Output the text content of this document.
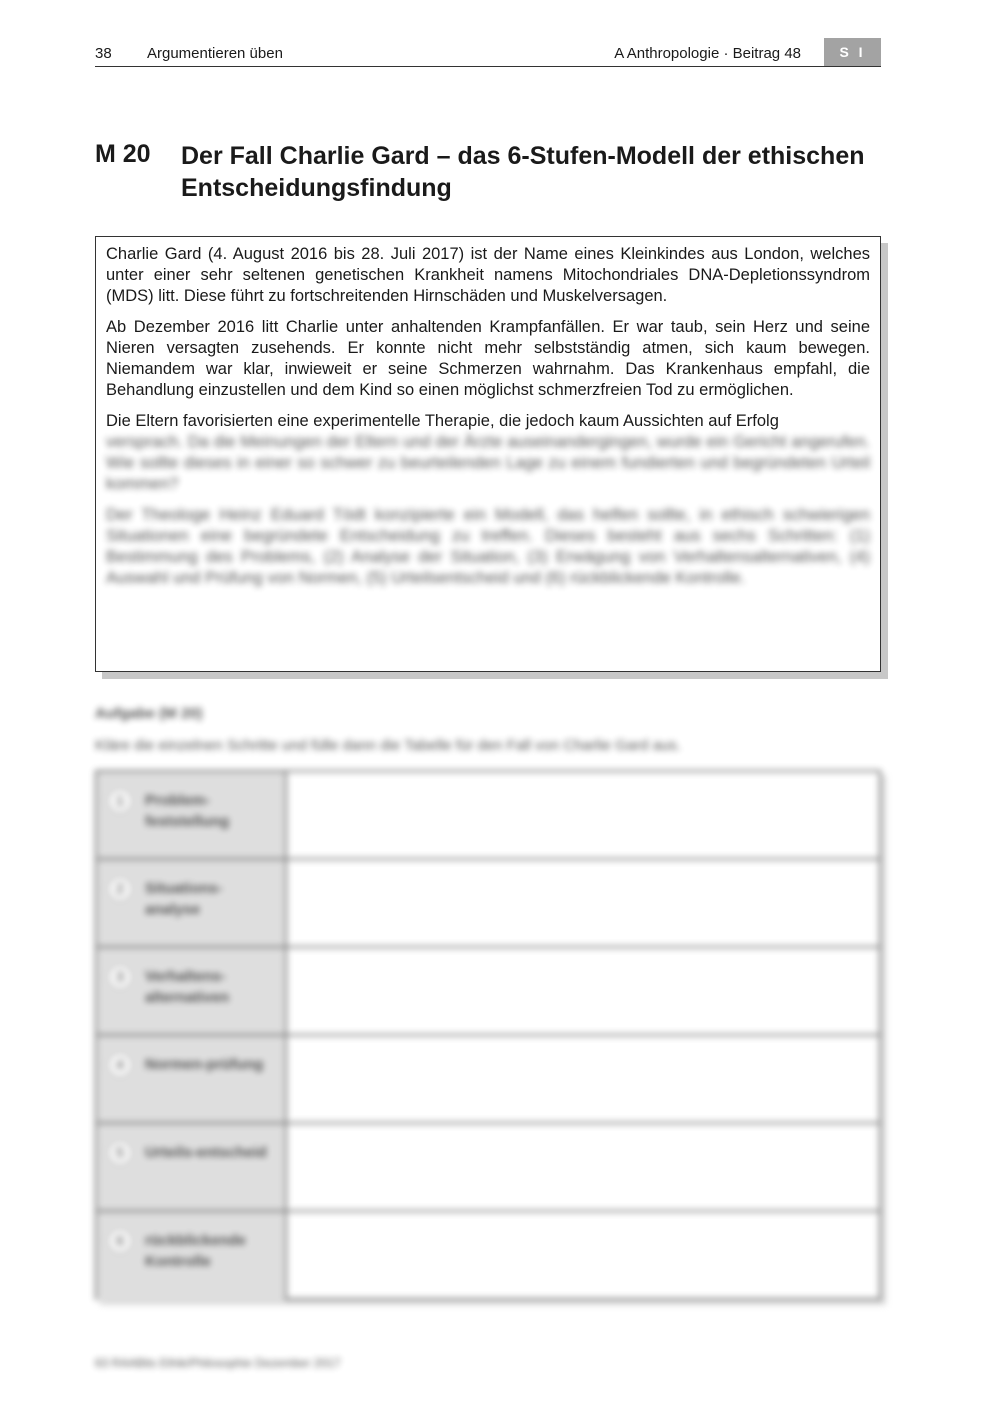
38 Argumentieren üben	A Anthropologie · Beitrag 48	S I
M 20 Der Fall Charlie Gard – das 6-Stufen-Modell der ethischen Entscheidungsfindung

Charlie Gard (4. August 2016 bis 28. Juli 2017) ist der Name eines Kleinkindes aus London, welches unter einer sehr seltenen genetischen Krankheit namens Mitochondriales DNA-Depletionssyndrom (MDS) litt. Diese führt zu fortschreitenden Hirnschäden und Muskelversagen.

Ab Dezember 2016 litt Charlie unter anhaltenden Krampfanfällen. Er war taub, sein Herz und seine Nieren versagten zusehends. Er konnte nicht mehr selbstständig atmen, sich kaum bewegen. Niemandem war klar, inwieweit er seine Schmerzen wahrnahm. Das Krankenhaus empfahl, die Behandlung einzustellen und dem Kind so einen möglichst schmerzfreien Tod zu ermöglichen.

Die Eltern favorisierten eine experimentelle Therapie, die jedoch kaum Aussichten auf Erfolg

versprach. Da die Meinungen der Eltern und der Ärzte auseinandergingen, wurde ein Gericht angerufen. Wie sollte dieses in einer so schwer zu beurteilenden Lage zu einem fundierten und begründeten Urteil kommen?

Der Theologe Heinz Eduard Tödt konzipierte ein Modell, das helfen sollte, in ethisch schwierigen Situationen eine begründete Entscheidung zu treffen. Dieses besteht aus sechs Schritten: (1) Bestimmung des Problems, (2) Analyse der Situation, (3) Erwägung von Verhaltensalternativen, (4) Auswahl und Prüfung von Normen, (5) Urteilsentscheid und (6) rückblickende Kontrolle.

Aufgabe (M 20)
Kläre die einzelnen Schritte und fülle dann die Tabelle für den Fall von Charlie Gard aus.
1	Problem-feststellung
2	Situations-analyse
3	Verhaltens-alternativen
4	Normen-prüfung
5	Urteils-entscheid
6	rückblickende Kontrolle
63 RAABits Ethik/Philosophie Dezember 2017
